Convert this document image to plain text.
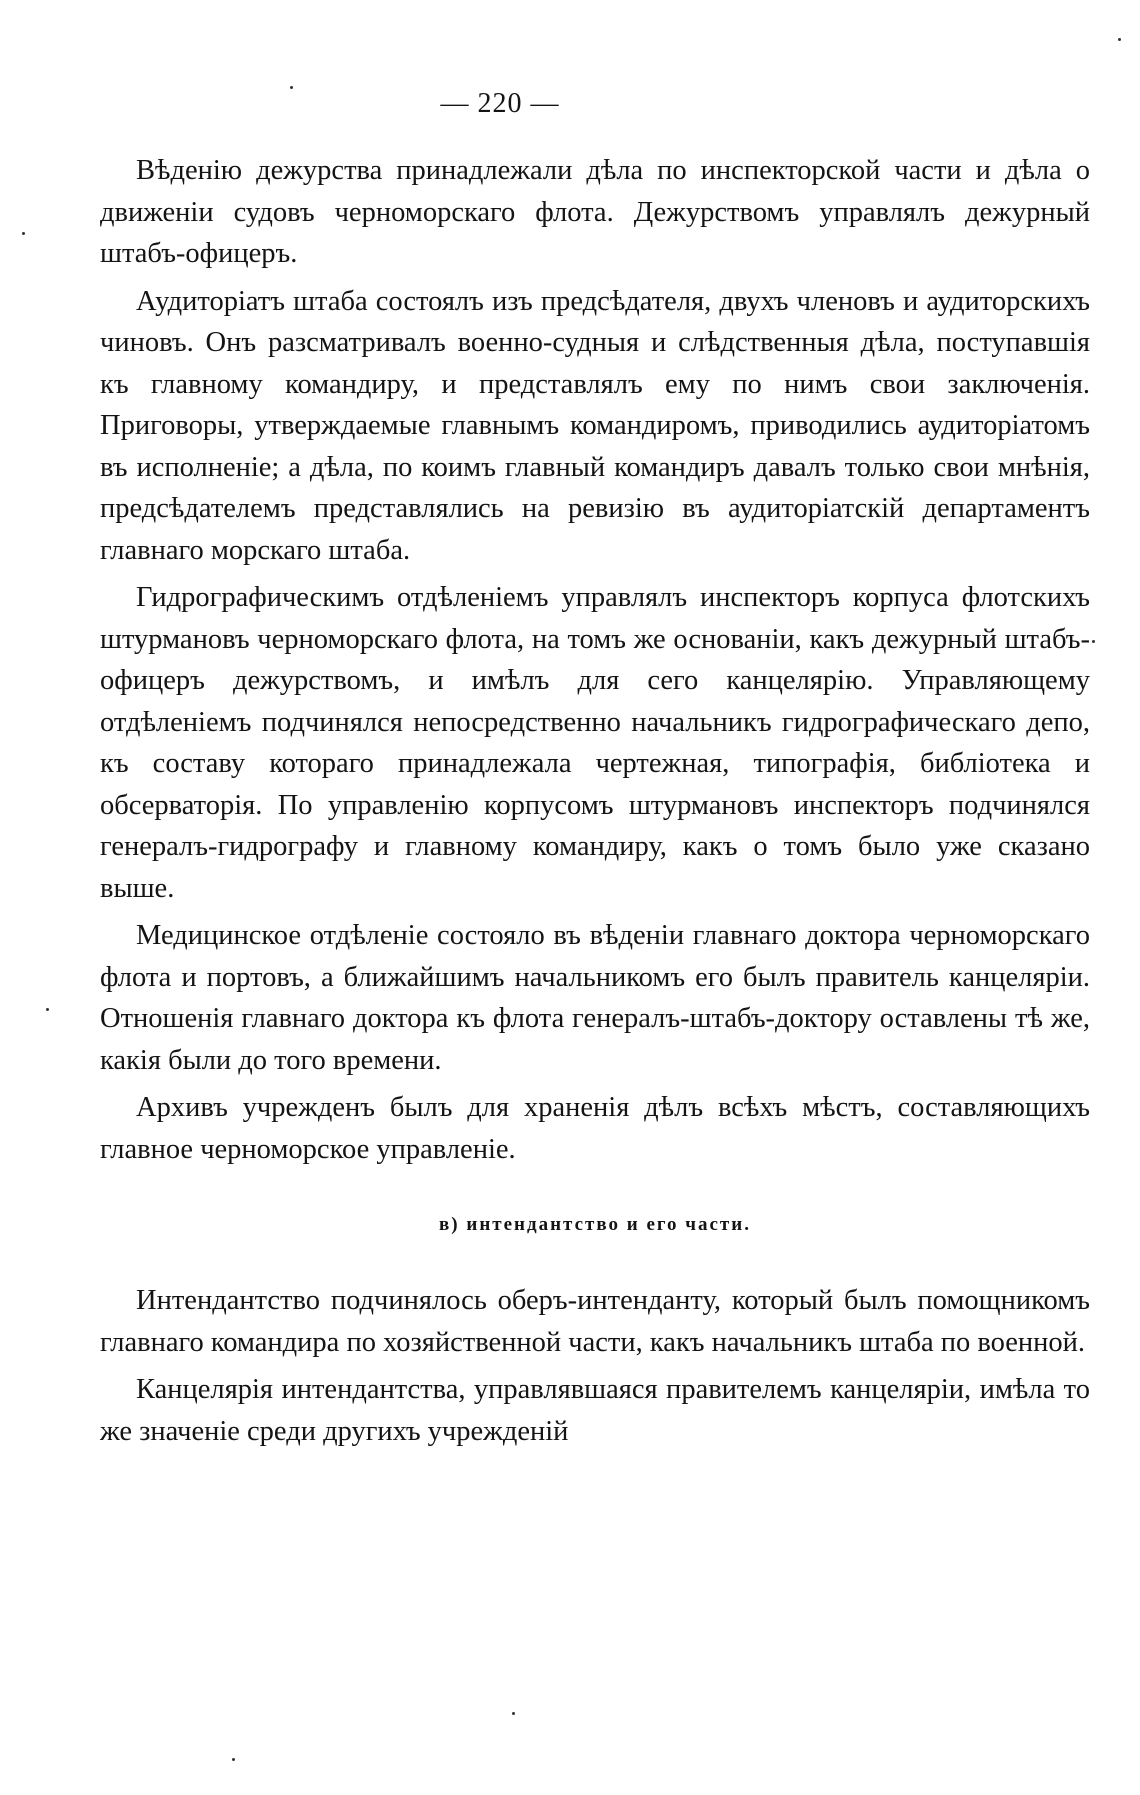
— 220 —

Вѣденію дежурства принадлежали дѣла по инспекторской части и дѣла о движеніи судовъ черноморскаго флота. Дежурствомъ управлялъ дежурный штабъ-офицеръ.

Аудиторіатъ штаба состоялъ изъ предсѣдателя, двухъ членовъ и аудиторскихъ чиновъ. Онъ разсматривалъ военно-судныя и слѣдственныя дѣла, поступавшія къ главному командиру, и представлялъ ему по нимъ свои заключенія. Приговоры, утверждаемые главнымъ командиромъ, приводились аудиторіатомъ въ исполненіе; а дѣла, по коимъ главный командиръ давалъ только свои мнѣнія, предсѣдателемъ представлялись на ревизію въ аудиторіатскій департаментъ главнаго морскаго штаба.

Гидрографическимъ отдѣленіемъ управлялъ инспекторъ корпуса флотскихъ штурмановъ черноморскаго флота, на томъ же основаніи, какъ дежурный штабъ-офицеръ дежурствомъ, и имѣлъ для сего канцелярію. Управляющему отдѣленіемъ подчинялся непосредственно начальникъ гидрографическаго депо, къ составу котораго принадлежала чертежная, типографія, библіотека и обсерваторія. По управленію корпусомъ штурмановъ инспекторъ подчинялся генералъ-гидрографу и главному командиру, какъ о томъ было уже сказано выше.

Медицинское отдѣленіе состояло въ вѣденіи главнаго доктора черноморскаго флота и портовъ, а ближайшимъ начальникомъ его былъ правитель канцеляріи. Отношенія главнаго доктора къ флота генералъ-штабъ-доктору оставлены тѣ же, какія были до того времени.

Архивъ учрежденъ былъ для храненія дѣлъ всѣхъ мѣстъ, составляющихъ главное черноморское управленіе.

в) интендантство и его части.

Интендантство подчинялось оберъ-интенданту, который былъ помощникомъ главнаго командира по хозяйственной части, какъ начальникъ штаба по военной.

Канцелярія интендантства, управлявшаяся правителемъ канцеляріи, имѣла то же значеніе среди другихъ учрежденій
